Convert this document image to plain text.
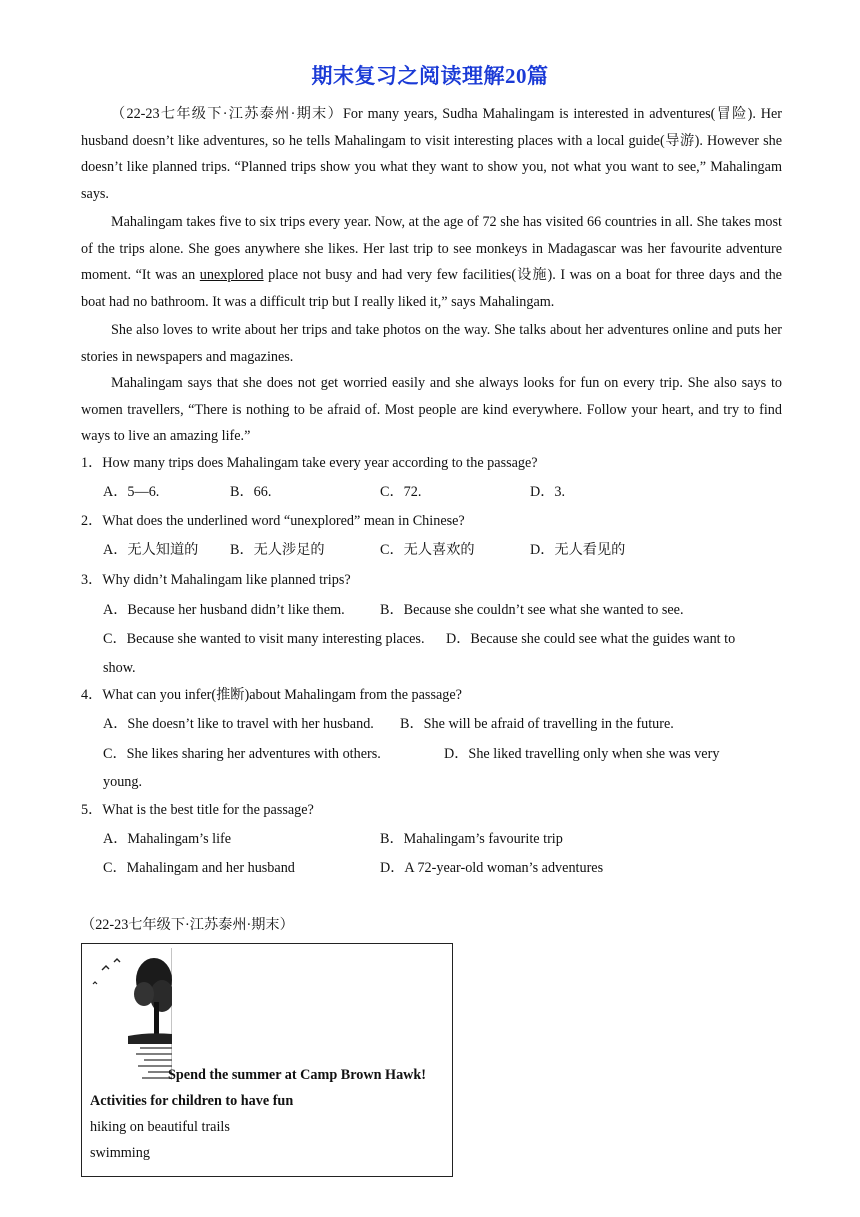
期末复习之阅读理解20篇

（22-23七年级下·江苏泰州·期末）For many years, Sudha Mahalingam is interested in adventures(冒险). Her husband doesn’t like adventures, so he tells Mahalingam to visit interesting places with a local guide(导游). However she doesn’t like planned trips. “Planned trips show you what they want to show you, not what you want to see,” Mahalingam says.

Mahalingam takes five to six trips every year. Now, at the age of 72 she has visited 66 countries in all. She takes most of the trips alone. She goes anywhere she likes. Her last trip to see monkeys in Madagascar was her favourite adventure moment. “It was an unexplored place not busy and had very few facilities(设施). I was on a boat for three days and the boat had no bathroom. It was a difficult trip but I really liked it,” says Mahalingam.

She also loves to write about her trips and take photos on the way. She talks about her adventures online and puts her stories in newspapers and magazines.

Mahalingam says that she does not get worried easily and she always looks for fun on every trip. She also says to women travellers, “There is nothing to be afraid of. Most people are kind everywhere. Follow your heart, and try to find ways to live an amazing life.”

1．How many trips does Mahalingam take every year according to the passage?
A．5—6.	B．66.	C．72.	D．3.
2．What does the underlined word “unexplored” mean in Chinese?
A．无人知道的 B．无人涉足的	C．无人喜欢的	D．无人看见的
3．Why didn’t Mahalingam like planned trips?
A．Because her husband didn’t like them. B．Because she couldn’t see what she wanted to see.
C．Because she wanted to visit many interesting places. D．Because she could see what the guides want to
show.
4．What can you infer(推断)about Mahalingam from the passage?
A．She doesn’t like to travel with her husband. B．She will be afraid of travelling in the future.
C．She likes sharing her adventures with others.	D．She liked travelling only when she was very
young.
5．What is the best title for the passage?
A．Mahalingam’s life	B．Mahalingam’s favourite trip
C．Mahalingam and her husband	D．A 72-year-old woman’s adventures
（22-23七年级下·江苏泰州·期末）
Spend the summer at Camp Brown Hawk!
Activities for children to have fun
hiking on beautiful trails
swimming
